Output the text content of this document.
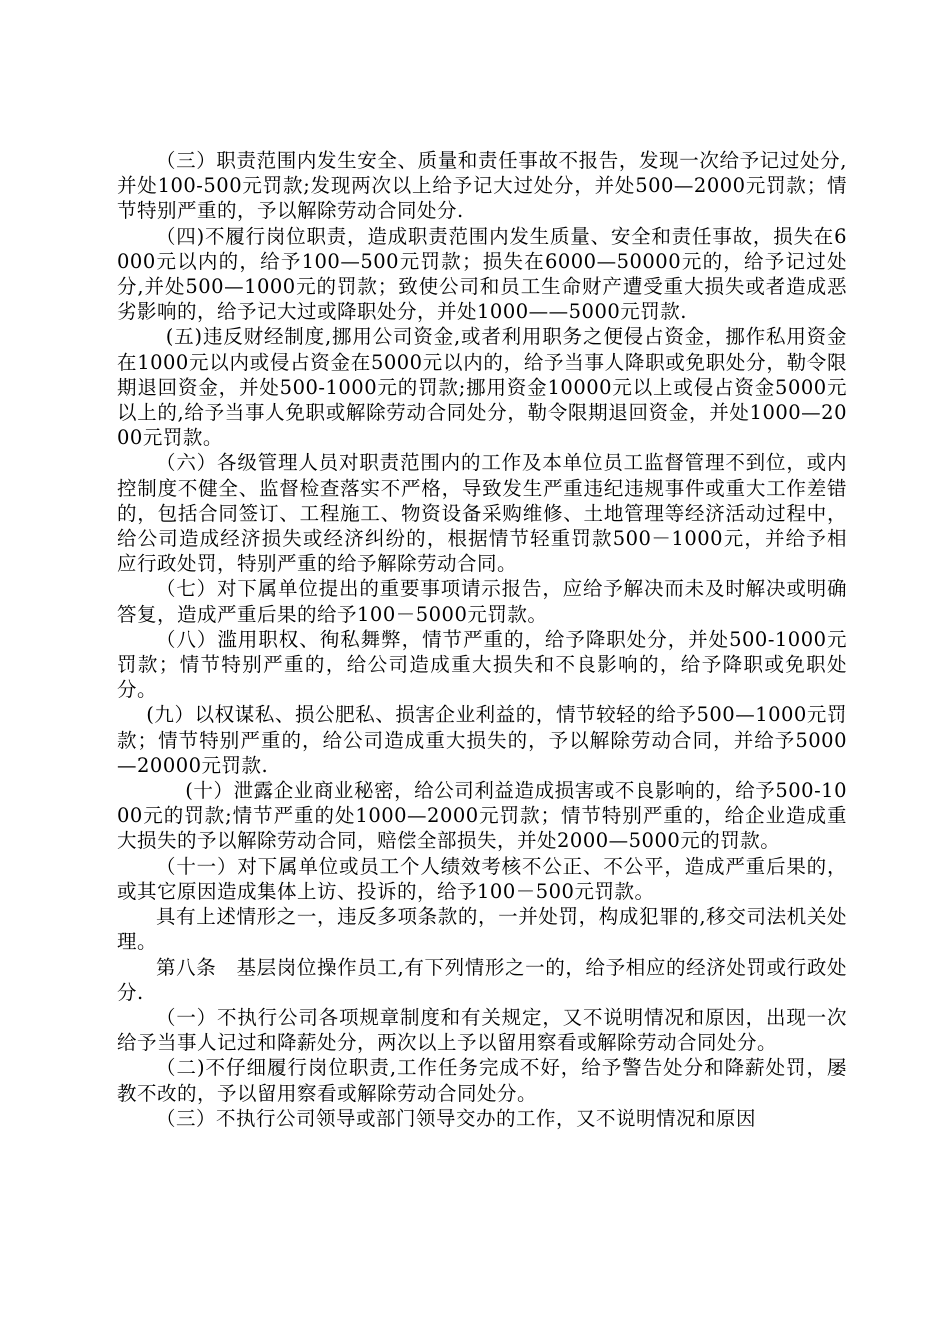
（三）职责范围内发生安全、质量和责任事故不报告，发现一次给予记过处分,并处100-500元罚款;发现两次以上给予记大过处分，并处500—2000元罚款；情节特别严重的，予以解除劳动合同处分.

（四)不履行岗位职责，造成职责范围内发生质量、安全和责任事故，损失在6000元以内的，给予100—500元罚款；损失在6000—50000元的，给予记过处分,并处500—1000元的罚款；致使公司和员工生命财产遭受重大损失或者造成恶劣影响的，给予记大过或降职处分，并处1000——5000元罚款.

(五)违反财经制度,挪用公司资金,或者利用职务之便侵占资金，挪作私用资金在1000元以内或侵占资金在5000元以内的，给予当事人降职或免职处分，勒令限期退回资金，并处500-1000元的罚款;挪用资金10000元以上或侵占资金5000元以上的,给予当事人免职或解除劳动合同处分，勒令限期退回资金，并处1000—2000元罚款。

（六）各级管理人员对职责范围内的工作及本单位员工监督管理不到位，或内控制度不健全、监督检查落实不严格，导致发生严重违纪违规事件或重大工作差错的，包括合同签订、工程施工、物资设备采购维修、土地管理等经济活动过程中，给公司造成经济损失或经济纠纷的，根据情节轻重罚款500－1000元，并给予相应行政处罚，特别严重的给予解除劳动合同。

（七）对下属单位提出的重要事项请示报告，应给予解决而未及时解决或明确答复，造成严重后果的给予100－5000元罚款。

（八）滥用职权、徇私舞弊，情节严重的，给予降职处分，并处500-1000元罚款；情节特别严重的，给公司造成重大损失和不良影响的，给予降职或免职处分。

(九）以权谋私、损公肥私、损害企业利益的，情节较轻的给予500—1000元罚款；情节特别严重的，给公司造成重大损失的，予以解除劳动合同，并给予5000—20000元罚款.

(十）泄露企业商业秘密，给公司利益造成损害或不良影响的，给予500-1000元的罚款;情节严重的处1000—2000元罚款；情节特别严重的，给企业造成重大损失的予以解除劳动合同，赔偿全部损失，并处2000—5000元的罚款。

（十一）对下属单位或员工个人绩效考核不公正、不公平，造成严重后果的，或其它原因造成集体上访、投诉的，给予100－500元罚款。

具有上述情形之一，违反多项条款的，一并处罚，构成犯罪的,移交司法机关处理。

第八条　基层岗位操作员工,有下列情形之一的，给予相应的经济处罚或行政处分.

（一）不执行公司各项规章制度和有关规定，又不说明情况和原因，出现一次给予当事人记过和降薪处分，两次以上予以留用察看或解除劳动合同处分。

（二)不仔细履行岗位职责,工作任务完成不好，给予警告处分和降薪处罚，屡教不改的，予以留用察看或解除劳动合同处分。

（三）不执行公司领导或部门领导交办的工作，又不说明情况和原因
